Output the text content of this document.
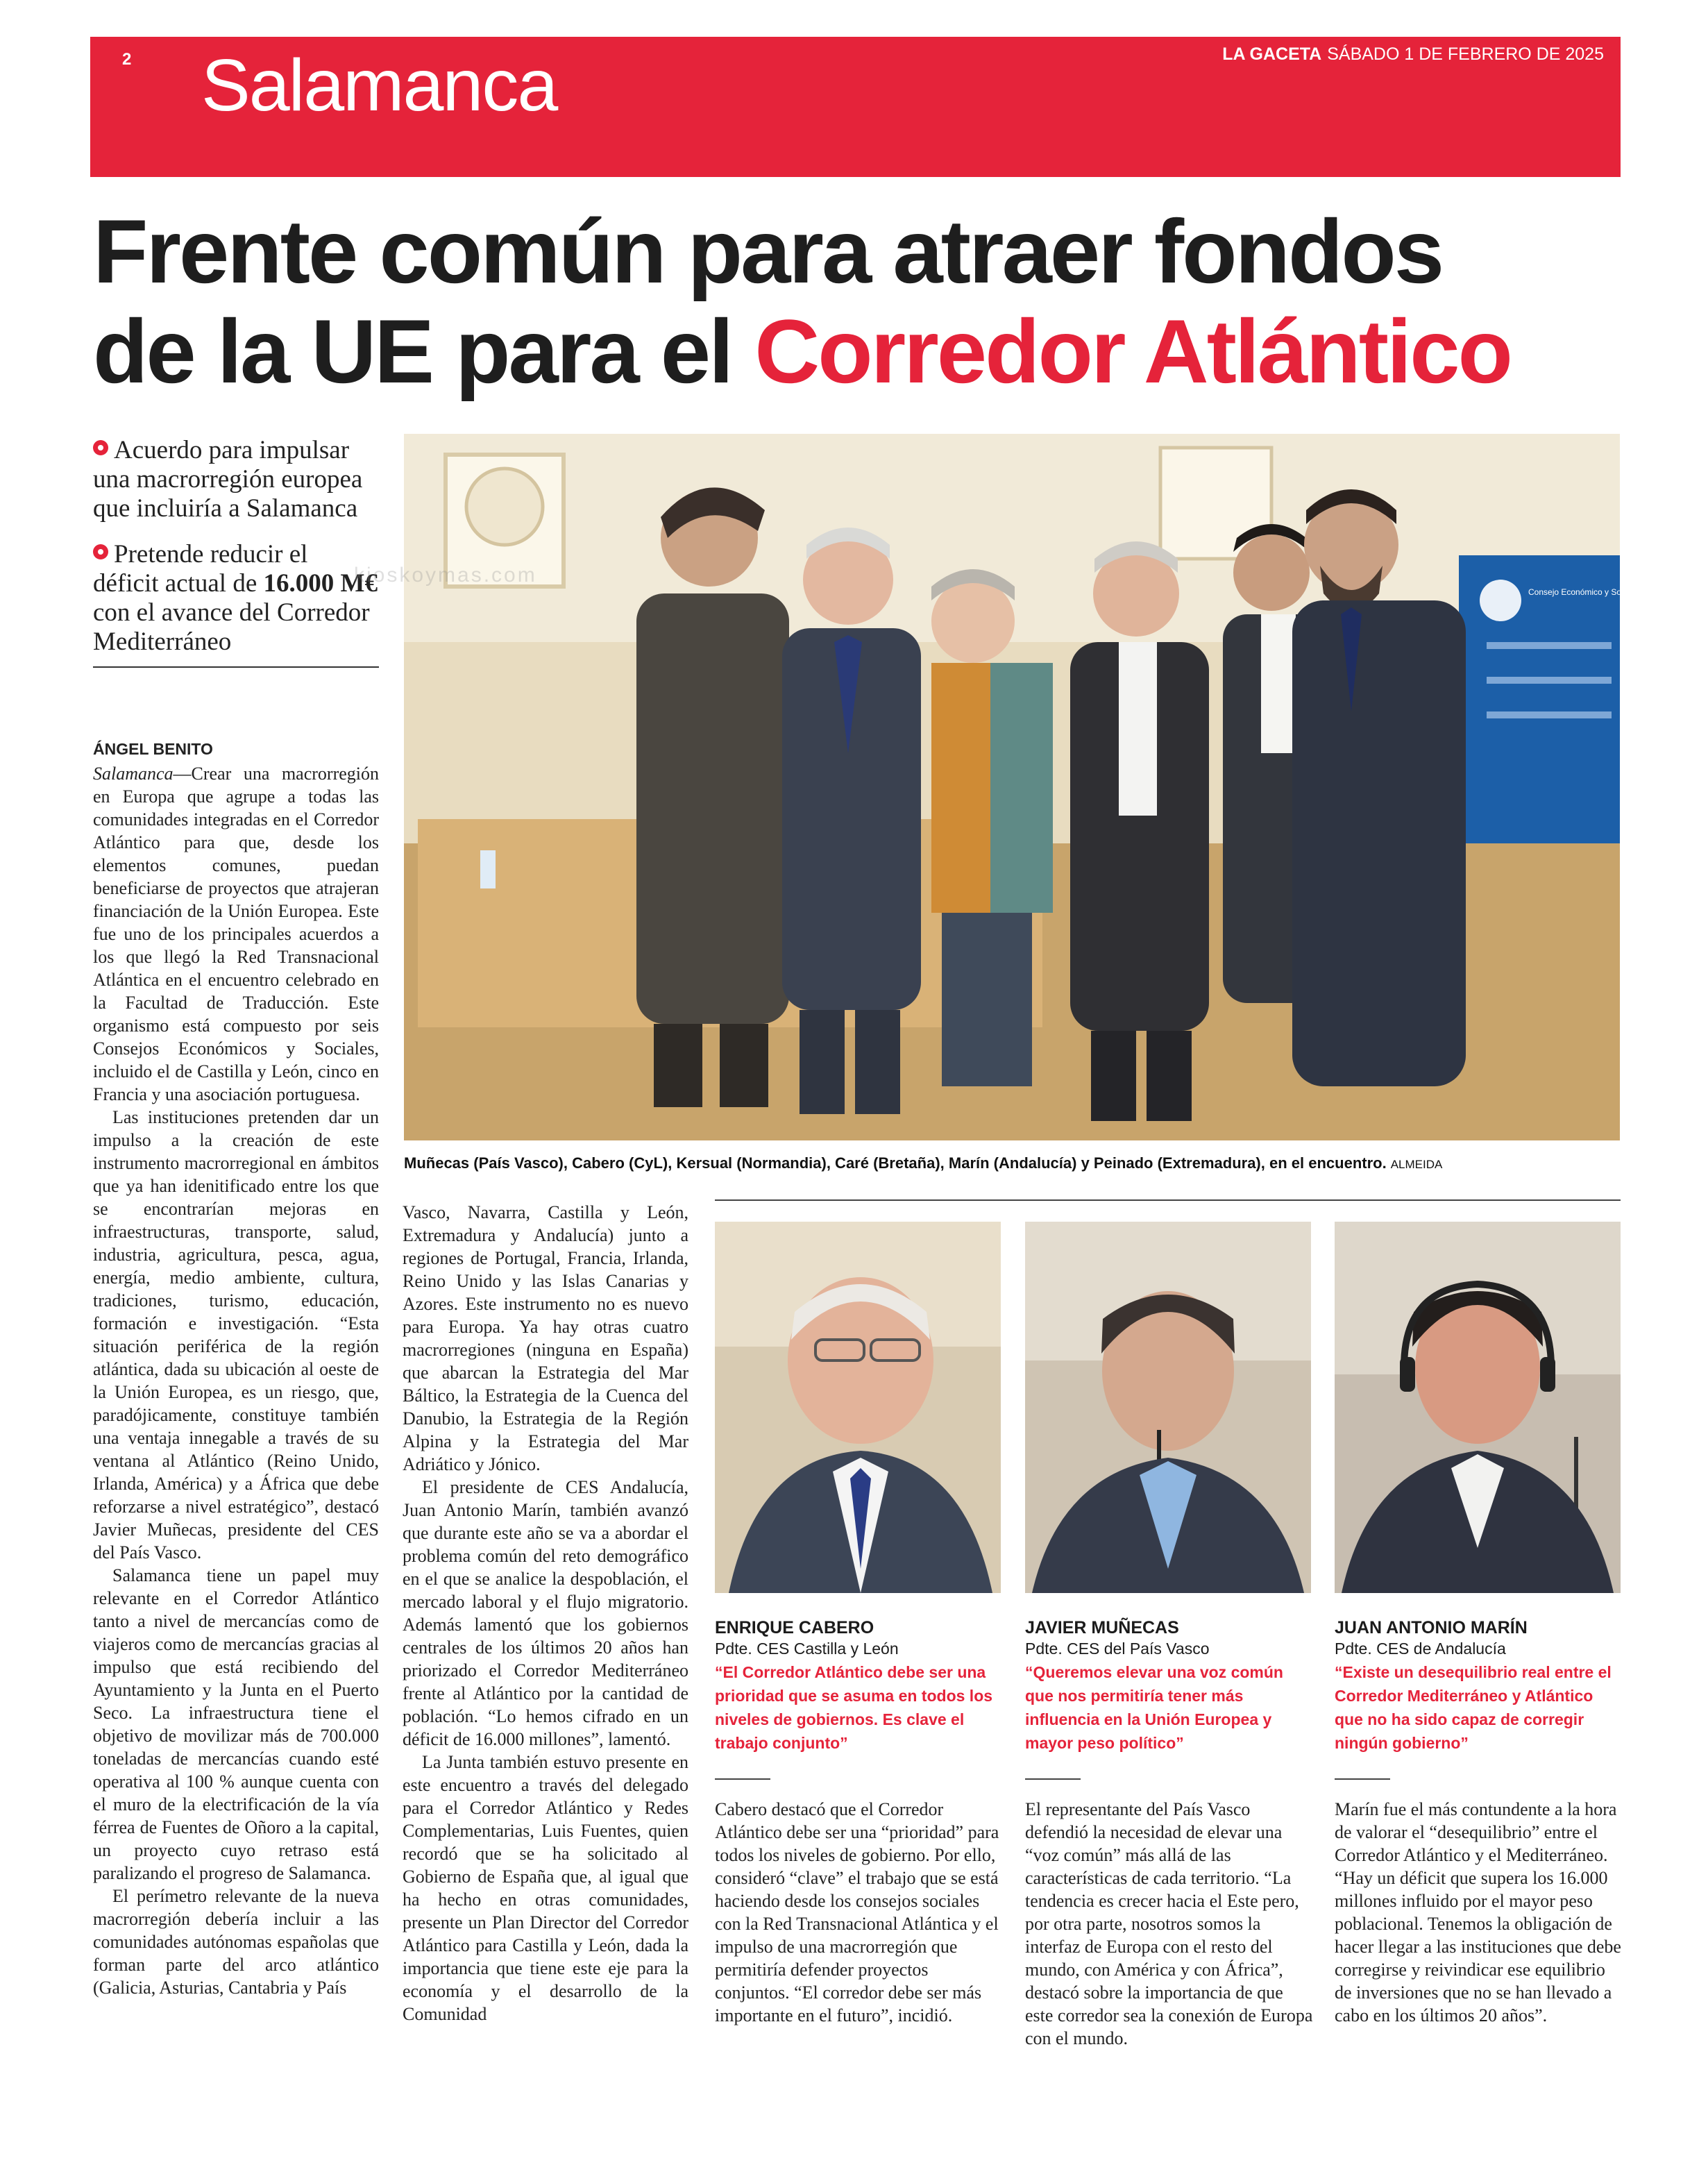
2 Salamanca	LA GACETA SÁBADO 1 DE FEBRERO DE 2025
Frente común para atraer fondos
de la UE para el Corredor Atlántico
Acuerdo para impulsar una macrorregión europea que incluiría a Salamanca
Pretende reducir el déficit actual de 16.000 M€ con el avance del Corredor Mediterráneo
ÁNGEL BENITO

Salamanca—Crear una macrorregión en Europa que agrupe a todas las comunidades integradas en el Corredor Atlántico para que, desde los elementos comunes, puedan beneficiarse de proyectos que atrajeran financiación de la Unión Europea. Este fue uno de los principales acuerdos a los que llegó la Red Transnacional Atlántica en el encuentro celebrado en la Facultad de Traducción. Este organismo está compuesto por seis Consejos Económicos y Sociales, incluido el de Castilla y León, cinco en Francia y una asociación portuguesa.

Las instituciones pretenden dar un impulso a la creación de este instrumento macrorregional en ámbitos que ya han idenitificado entre los que se encontrarían mejoras en infraestructuras, transporte, salud, industria, agricultura, pesca, agua, energía, medio ambiente, cultura, tradiciones, turismo, educación, formación e investigación. “Esta situación periférica de la región atlántica, dada su ubicación al oeste de la Unión Europea, es un riesgo, que, paradójicamente, constituye también una ventaja innegable a través de su ventana al Atlántico (Reino Unido, Irlanda, América) y a África que debe reforzarse a nivel estratégico”, destacó Javier Muñecas, presidente del CES del País Vasco.

Salamanca tiene un papel muy relevante en el Corredor Atlántico tanto a nivel de mercancías como de viajeros como de mercancías gracias al impulso que está recibiendo del Ayuntamiento y la Junta en el Puerto Seco. La infraestructura tiene el objetivo de movilizar más de 700.000 toneladas de mercancías cuando esté operativa al 100 % aunque cuenta con el muro de la electrificación de la vía férrea de Fuentes de Oñoro a la capital, un proyecto cuyo retraso está paralizando el progreso de Salamanca.

El perímetro relevante de la nueva macrorregión debería incluir a las comunidades autónomas españolas que forman parte del arco atlántico (Galicia, Asturias, Cantabria y País

Consejo Económico y Social de Castilla y León
kioskoymas.com
Muñecas (País Vasco), Cabero (CyL), Kersual (Normandia), Caré (Bretaña), Marín (Andalucía) y Peinado (Extremadura), en el encuentro. ALMEIDA

Vasco, Navarra, Castilla y León, Extremadura y Andalucía) junto a regiones de Portugal, Francia, Irlanda, Reino Unido y las Islas Canarias y Azores. Este instrumento no es nuevo para Europa. Ya hay otras cuatro macrorregiones (ninguna en España) que abarcan la Estrategia del Mar Báltico, la Estrategia de la Cuenca del Danubio, la Estrategia de la Región Alpina y la Estrategia del Mar Adriático y Jónico.

El presidente de CES Andalucía, Juan Antonio Marín, también avanzó que durante este año se va a abordar el problema común del reto demográfico en el que se analice la despoblación, el mercado laboral y el flujo migratorio. Además lamentó que los gobiernos centrales de los últimos 20 años han priorizado el Corredor Mediterráneo frente al Atlántico por la cantidad de población. “Lo hemos cifrado en un déficit de 16.000 millones”, lamentó.

La Junta también estuvo presente en este encuentro a través del delegado para el Corredor Atlántico y Redes Complementarias, Luis Fuentes, quien recordó que se ha solicitado al Gobierno de España que, al igual que ha hecho en otras comunidades, presente un Plan Director del Corredor Atlántico para Castilla y León, dada la importancia que tiene este eje para la economía y el desarrollo de la Comunidad

ENRIQUE CABERO
Pdte. CES Castilla y León
“El Corredor Atlántico debe ser una prioridad que se asuma en todos los niveles de gobiernos. Es clave el trabajo conjunto”
Cabero destacó que el Corredor Atlántico debe ser una “prioridad” para todos los niveles de gobierno. Por ello, consideró “clave” el trabajo que se está haciendo desde los consejos sociales con la Red Transnacional Atlántica y el impulso de una macrorregión que permitiría defender proyectos conjuntos. “El corredor debe ser más importante en el futuro”, incidió.
JAVIER MUÑECAS
Pdte. CES del País Vasco
“Queremos elevar una voz común que nos permitiría tener más influencia en la Unión Europea y mayor peso político”
El representante del País Vasco defendió la necesidad de elevar una “voz común” más allá de las características de cada territorio. “La tendencia es crecer hacia el Este pero, por otra parte, nosotros somos la interfaz de Europa con el resto del mundo, con América y con África”, destacó sobre la importancia de que este corredor sea la conexión de Europa con el mundo.
JUAN ANTONIO MARÍN
Pdte. CES de Andalucía
“Existe un desequilibrio real entre el Corredor Mediterráneo y Atlántico que no ha sido capaz de corregir ningún gobierno”
Marín fue el más contundente a la hora de valorar el “desequilibrio” entre el Corredor Atlántico y el Mediterráneo. “Hay un déficit que supera los 16.000 millones influido por el mayor peso poblacional. Tenemos la obligación de hacer llegar a las instituciones que debe corregirse y reivindicar ese equilibrio de inversiones que no se han llevado a cabo en los últimos 20 años”.
